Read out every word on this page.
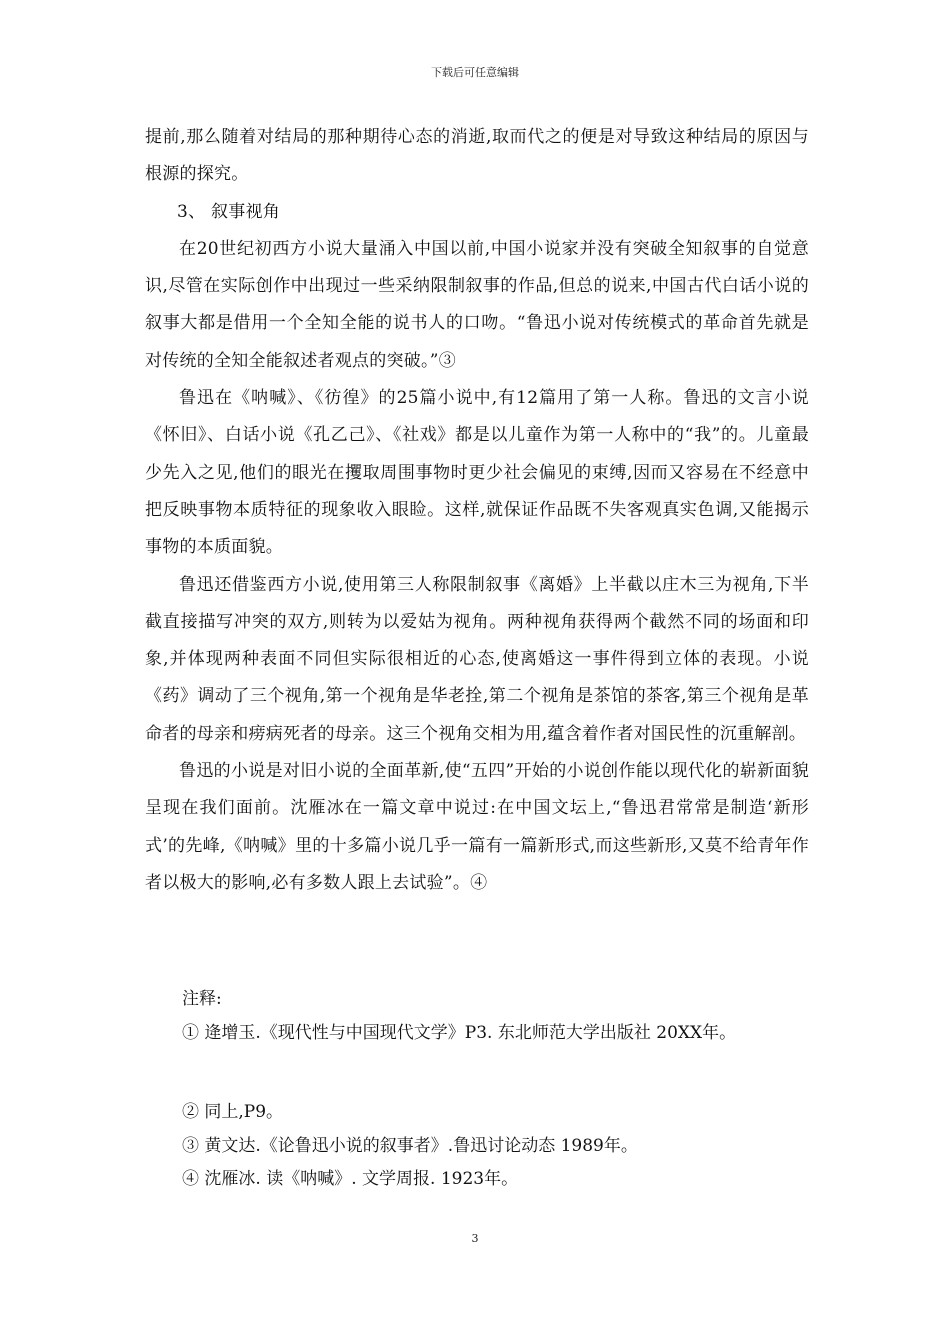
下载后可任意编辑

提前,那么随着对结局的那种期待心态的消逝,取而代之的便是对导致这种结局的原因与根源的探究。

3、 叙事视角

在20世纪初西方小说大量涌入中国以前,中国小说家并没有突破全知叙事的自觉意识,尽管在实际创作中出现过一些采纳限制叙事的作品,但总的说来,中国古代白话小说的叙事大都是借用一个全知全能的说书人的口吻。“鲁迅小说对传统模式的革命首先就是对传统的全知全能叙述者观点的突破。”③

鲁迅在《呐喊》、《彷徨》的25篇小说中,有12篇用了第一人称。鲁迅的文言小说《怀旧》、白话小说《孔乙己》、《社戏》都是以儿童作为第一人称中的“我”的。儿童最少先入之见,他们的眼光在攫取周围事物时更少社会偏见的束缚,因而又容易在不经意中把反映事物本质特征的现象收入眼睑。这样,就保证作品既不失客观真实色调,又能揭示事物的本质面貌。

鲁迅还借鉴西方小说,使用第三人称限制叙事《离婚》上半截以庄木三为视角,下半截直接描写冲突的双方,则转为以爱姑为视角。两种视角获得两个截然不同的场面和印象,并体现两种表面不同但实际很相近的心态,使离婚这一事件得到立体的表现。小说《药》调动了三个视角,第一个视角是华老拴,第二个视角是茶馆的茶客,第三个视角是革命者的母亲和痨病死者的母亲。这三个视角交相为用,蕴含着作者对国民性的沉重解剖。

鲁迅的小说是对旧小说的全面革新,使“五四”开始的小说创作能以现代化的崭新面貌呈现在我们面前。沈雁冰在一篇文章中说过:在中国文坛上,“鲁迅君常常是制造‘新形式’的先峰,《呐喊》里的十多篇小说几乎一篇有一篇新形式,而这些新形,又莫不给青年作者以极大的影响,必有多数人跟上去试验”。④

注释:

① 逄增玉.《现代性与中国现代文学》P3. 东北师范大学出版社 20XX年。

② 同上,P9。

③ 黄文达.《论鲁迅小说的叙事者》.鲁迅讨论动态 1989年。

④ 沈雁冰. 读《呐喊》. 文学周报. 1923年。

3
